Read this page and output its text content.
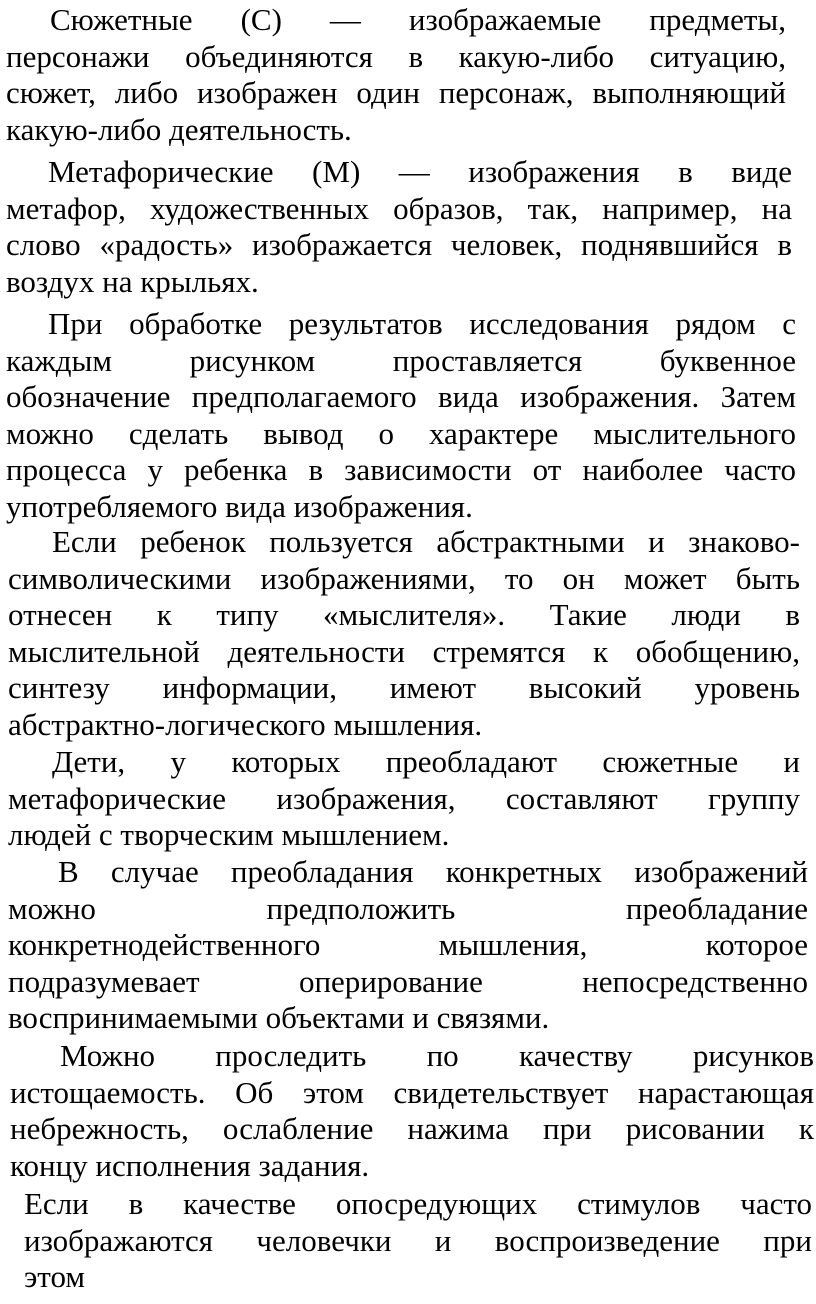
Сюжетные (С) — изображаемые предметы,
персонажи объединяются в какую-либо ситуацию,
сюжет, либо изображен один персонаж, выполняющий
какую-либо деятельность.
Метафорические (М) — изображения в виде
метафор, художественных образов, так, например, на
слово «радость» изображается человек, поднявшийся в
воздух на крыльях.
При обработке результатов исследования рядом с
каждым рисунком проставляется буквенное
обозначение предполагаемого вида изображения. Затем
можно сделать вывод о характере мыслительного
процесса у ребенка в зависимости от наиболее часто
употребляемого вида изображения.
Если ребенок пользуется абстрактными и знаково-
символическими изображениями, то он может быть
отнесен к типу «мыслителя». Такие люди в
мыслительной деятельности стремятся к обобщению,
синтезу информации, имеют высокий уровень
абстрактно-логического мышления.
Дети, у которых преобладают сюжетные и
метафорические изображения, составляют группу
людей с творческим мышлением.
В случае преобладания конкретных изображений
можно предположить преобладание
конкретнодейственного мышления, которое
подразумевает оперирование непосредственно
воспринимаемыми объектами и связями.
Можно проследить по качеству рисунков
истощаемость. Об этом свидетельствует нарастающая
небрежность, ослабление нажима при рисовании к
концу исполнения задания.
Если в качестве опосредующих стимулов часто
изображаются человечки и воспроизведение при
этом
